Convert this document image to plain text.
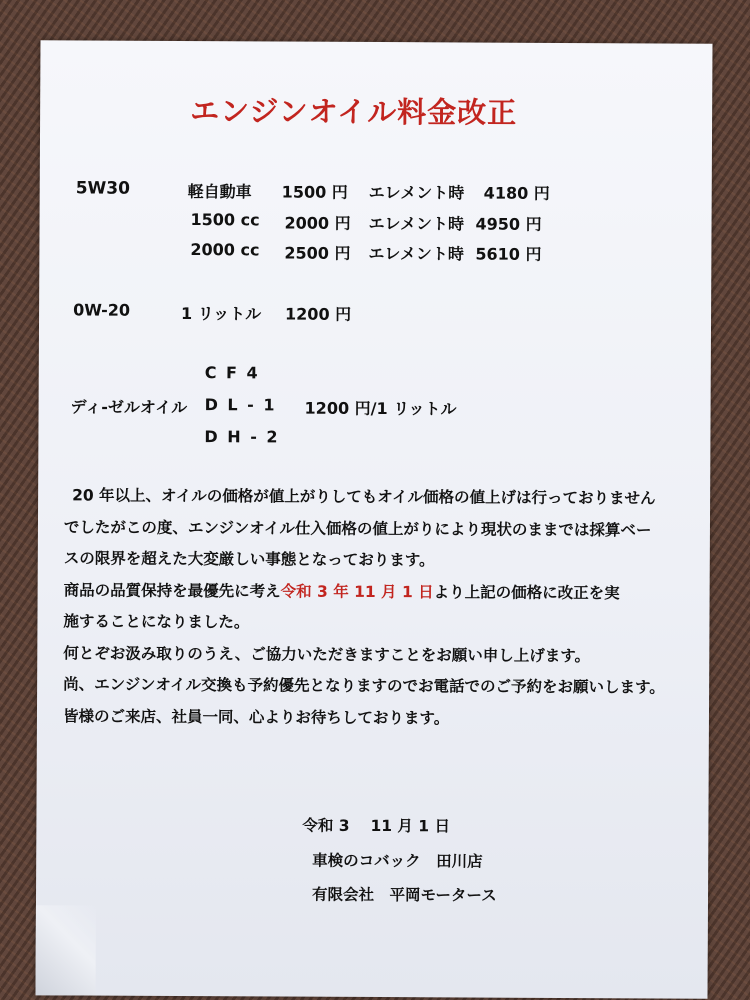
エンジンオイル料金改正
5W30	軽自動車 1500 円 エレメント時 4180 円
1500 cc 2000 円 エレメント時 4950 円
2000 cc 2500 円 エレメント時 5610 円
0W-20	1 リットル 1200 円
C F 4
ディ-ゼルオイル D L - 1 1200 円/1 リットル
D H - 2
20 年以上、オイルの価格が値上がりしてもオイル価格の値上げは行っておりません
でしたがこの度、エンジンオイル仕入価格の値上がりにより現状のままでは採算ベー
スの限界を超えた大変厳しい事態となっております。
商品の品質保持を最優先に考え令和 3 年 11 月 1 日より上記の価格に改正を実
施することになりました。
何とぞお汲み取りのうえ、ご協力いただきますことをお願い申し上げます。
尚、エンジンオイル交換も予約優先となりますのでお電話でのご予約をお願いします。
皆様のご来店、社員一同、心よりお待ちしております。
令和 3　 11 月 1 日
車検のコバック　田川店
有限会社　平岡モータース
